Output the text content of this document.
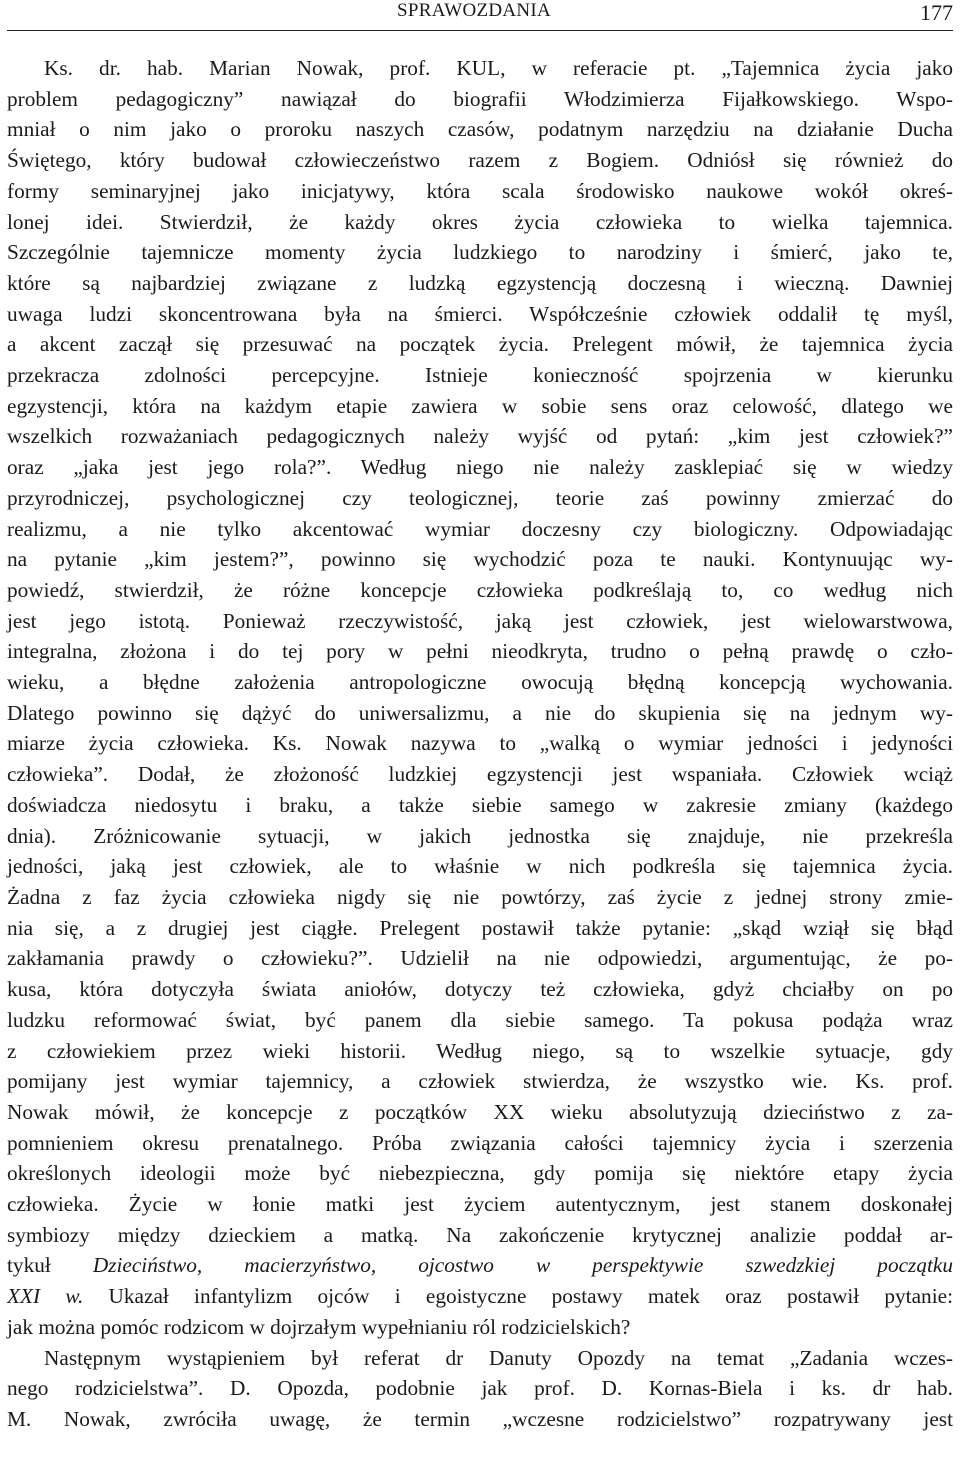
SPRAWOZDANIA	177
Ks. dr. hab. Marian Nowak, prof. KUL, w referacie pt. „Tajemnica życia jako
problem pedagogiczny” nawiązał do biografii Włodzimierza Fijałkowskiego. Wspo-
mniał o nim jako o proroku naszych czasów, podatnym narzędziu na działanie Ducha
Świętego, który budował człowieczeństwo razem z Bogiem. Odniósł się również do
formy seminaryjnej jako inicjatywy, która scala środowisko naukowe wokół okreś-
lonej idei. Stwierdził, że każdy okres życia człowieka to wielka tajemnica.
Szczególnie tajemnicze momenty życia ludzkiego to narodziny i śmierć, jako te,
które są najbardziej związane z ludzką egzystencją doczesną i wieczną. Dawniej
uwaga ludzi skoncentrowana była na śmierci. Współcześnie człowiek oddalił tę myśl,
a akcent zaczął się przesuwać na początek życia. Prelegent mówił, że tajemnica życia
przekracza zdolności percepcyjne. Istnieje konieczność spojrzenia w kierunku
egzystencji, która na każdym etapie zawiera w sobie sens oraz celowość, dlatego we
wszelkich rozważaniach pedagogicznych należy wyjść od pytań: „kim jest człowiek?”
oraz „jaka jest jego rola?”. Według niego nie należy zasklepiać się w wiedzy
przyrodniczej, psychologicznej czy teologicznej, teorie zaś powinny zmierzać do
realizmu, a nie tylko akcentować wymiar doczesny czy biologiczny. Odpowiadając
na pytanie „kim jestem?”, powinno się wychodzić poza te nauki. Kontynuując wy-
powiedź, stwierdził, że różne koncepcje człowieka podkreślają to, co według nich
jest jego istotą. Ponieważ rzeczywistość, jaką jest człowiek, jest wielowarstwowa,
integralna, złożona i do tej pory w pełni nieodkryta, trudno o pełną prawdę o czło-
wieku, a błędne założenia antropologiczne owocują błędną koncepcją wychowania.
Dlatego powinno się dążyć do uniwersalizmu, a nie do skupienia się na jednym wy-
miarze życia człowieka. Ks. Nowak nazywa to „walką o wymiar jedności i jedyności
człowieka”. Dodał, że złożoność ludzkiej egzystencji jest wspaniała. Człowiek wciąż
doświadcza niedosytu i braku, a także siebie samego w zakresie zmiany (każdego
dnia). Zróżnicowanie sytuacji, w jakich jednostka się znajduje, nie przekreśla
jedności, jaką jest człowiek, ale to właśnie w nich podkreśla się tajemnica życia.
Żadna z faz życia człowieka nigdy się nie powtórzy, zaś życie z jednej strony zmie-
nia się, a z drugiej jest ciągłe. Prelegent postawił także pytanie: „skąd wziął się błąd
zakłamania prawdy o człowieku?”. Udzielił na nie odpowiedzi, argumentując, że po-
kusa, która dotyczyła świata aniołów, dotyczy też człowieka, gdyż chciałby on po
ludzku reformować świat, być panem dla siebie samego. Ta pokusa podąża wraz
z człowiekiem przez wieki historii. Według niego, są to wszelkie sytuacje, gdy
pomijany jest wymiar tajemnicy, a człowiek stwierdza, że wszystko wie. Ks. prof.
Nowak mówił, że koncepcje z początków XX wieku absolutyzują dzieciństwo z za-
pomnieniem okresu prenatalnego. Próba związania całości tajemnicy życia i szerzenia
określonych ideologii może być niebezpieczna, gdy pomija się niektóre etapy życia
człowieka. Życie w łonie matki jest życiem autentycznym, jest stanem doskonałej
symbiozy między dzieckiem a matką. Na zakończenie krytycznej analizie poddał ar-
tykuł Dzieciństwo, macierzyństwo, ojcostwo w perspektywie szwedzkiej początku
XXI w. Ukazał infantylizm ojców i egoistyczne postawy matek oraz postawił pytanie:
jak można pomóc rodzicom w dojrzałym wypełnianiu ról rodzicielskich?
Następnym wystąpieniem był referat dr Danuty Opozdy na temat „Zadania wczes-
nego rodzicielstwa”. D. Opozda, podobnie jak prof. D. Kornas-Biela i ks. dr hab.
M. Nowak, zwróciła uwagę, że termin „wczesne rodzicielstwo” rozpatrywany jest
